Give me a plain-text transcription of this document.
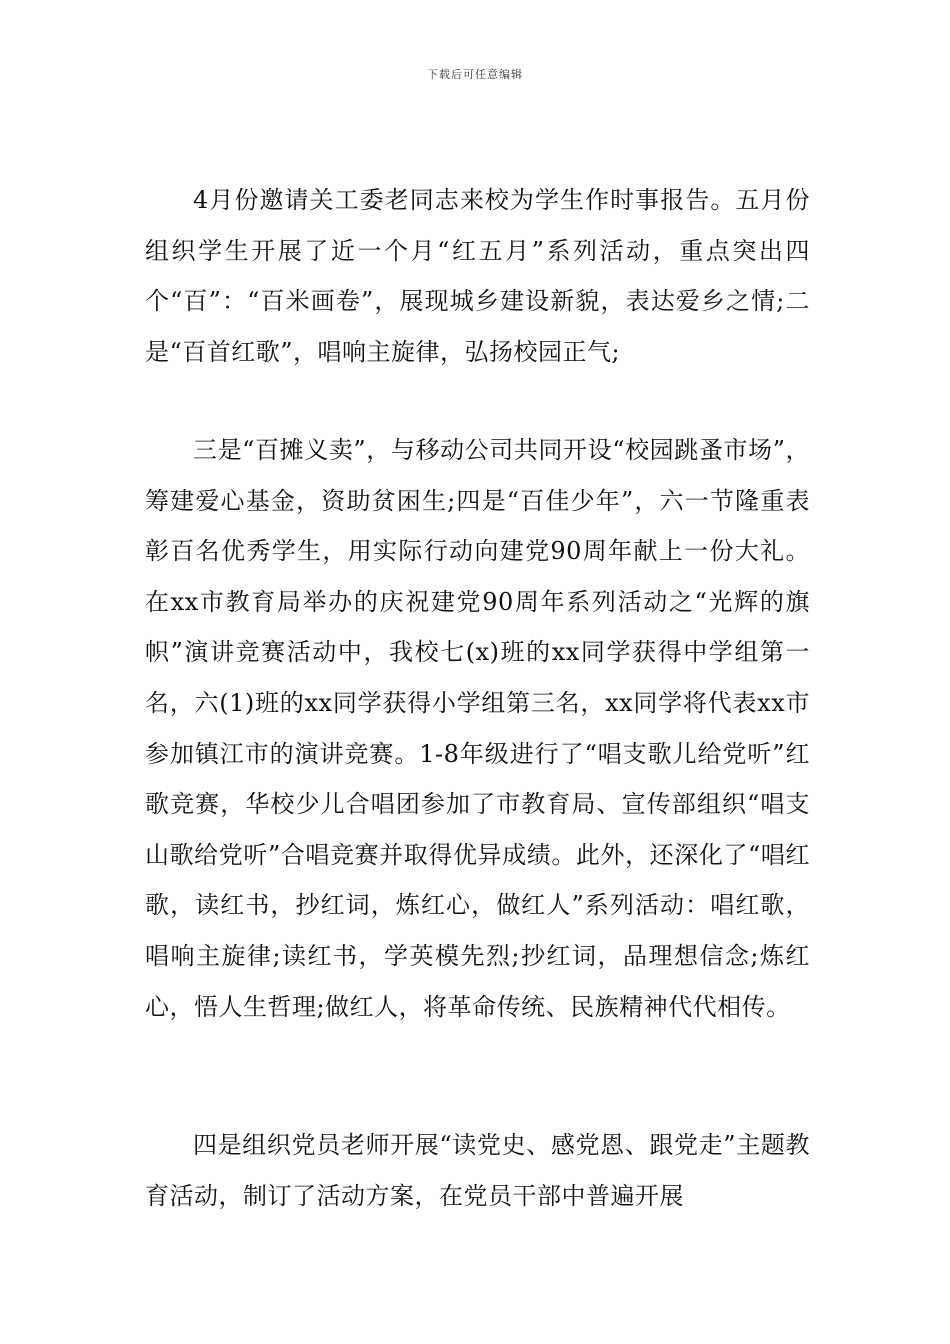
下载后可任意编辑

4月份邀请关工委老同志来校为学生作时事报告。五月份组织学生开展了近一个月“红五月”系列活动，重点突出四个“百”：“百米画卷”，展现城乡建设新貌，表达爱乡之情;二是“百首红歌”，唱响主旋律，弘扬校园正气;

三是“百摊义卖”，与移动公司共同开设“校园跳蚤市场”，筹建爱心基金，资助贫困生;四是“百佳少年”，六一节隆重表彰百名优秀学生，用实际行动向建党90周年献上一份大礼。在xx市教育局举办的庆祝建党90周年系列活动之“光辉的旗帜”演讲竞赛活动中，我校七(x)班的xx同学获得中学组第一名，六(1)班的xx同学获得小学组第三名，xx同学将代表xx市参加镇江市的演讲竞赛。1-8年级进行了“唱支歌儿给党听”红歌竞赛，华校少儿合唱团参加了市教育局、宣传部组织“唱支山歌给党听”合唱竞赛并取得优异成绩。此外，还深化了“唱红歌，读红书，抄红词，炼红心，做红人”系列活动：唱红歌，唱响主旋律;读红书，学英模先烈;抄红词，品理想信念;炼红心，悟人生哲理;做红人，将革命传统、民族精神代代相传。

四是组织党员老师开展“读党史、感党恩、跟党走”主题教育活动，制订了活动方案，在党员干部中普遍开展
